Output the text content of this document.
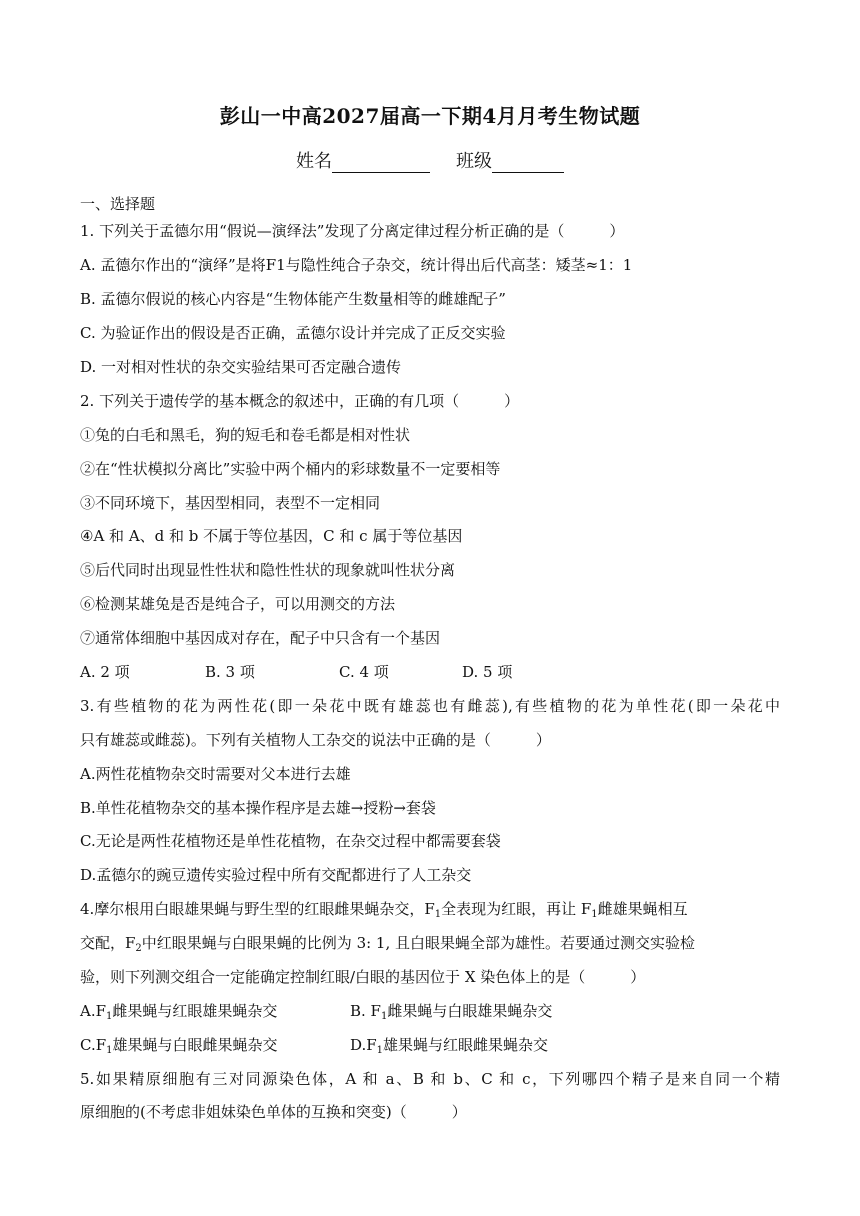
彭山一中高2027届高一下期4月月考生物试题
姓名	班级
一、选择题
1. 下列关于孟德尔用“假说—演绎法”发现了分离定律过程分析正确的是（　　　）
A. 孟德尔作出的“演绎”是将F1与隐性纯合子杂交，统计得出后代高茎：矮茎≈1：1
B. 孟德尔假说的核心内容是“生物体能产生数量相等的雌雄配子”
C. 为验证作出的假设是否正确，孟德尔设计并完成了正反交实验
D. 一对相对性状的杂交实验结果可否定融合遗传
2. 下列关于遗传学的基本概念的叙述中，正确的有几项（　　　）
①兔的白毛和黑毛，狗的短毛和卷毛都是相对性状
②在“性状模拟分离比”实验中两个桶内的彩球数量不一定要相等
③不同环境下，基因型相同，表型不一定相同
④A 和 A、d 和 b 不属于等位基因，C 和 c 属于等位基因
⑤后代同时出现显性性状和隐性性状的现象就叫性状分离
⑥检测某雄兔是否是纯合子，可以用测交的方法
⑦通常体细胞中基因成对存在，配子中只含有一个基因
A. 2 项	B. 3 项	C. 4 项	D. 5 项
3.有些植物的花为两性花(即一朵花中既有雄蕊也有雌蕊),有些植物的花为单性花(即一朵花中
只有雄蕊或雌蕊)。下列有关植物人工杂交的说法中正确的是（　　　）
A.两性花植物杂交时需要对父本进行去雄
B.单性花植物杂交的基本操作程序是去雄→授粉→套袋
C.无论是两性花植物还是单性花植物，在杂交过程中都需要套袋
D.孟德尔的豌豆遗传实验过程中所有交配都进行了人工杂交
4.摩尔根用白眼雄果蝇与野生型的红眼雌果蝇杂交，$F_1$全表现为红眼，再让 $F_1$雌雄果蝇相互
交配，$F_2$中红眼果蝇与白眼果蝇的比例为 3: 1, 且白眼果蝇全部为雄性。若要通过测交实验检
验，则下列测交组合一定能确定控制红眼/白眼的基因位于 X 染色体上的是（　　　）
$A.F_1$雌果蝇与红眼雄果蝇杂交	B. $F_1$雌果蝇与白眼雄果蝇杂交
$C.F_1$雄果蝇与白眼雌果蝇杂交	$D.F_1$雄果蝇与红眼雌果蝇杂交
5.如果精原细胞有三对同源染色体，A 和 a、B 和 b、C 和 c，下列哪四个精子是来自同一个精
原细胞的(不考虑非姐妹染色单体的互换和突变)（　　　）
